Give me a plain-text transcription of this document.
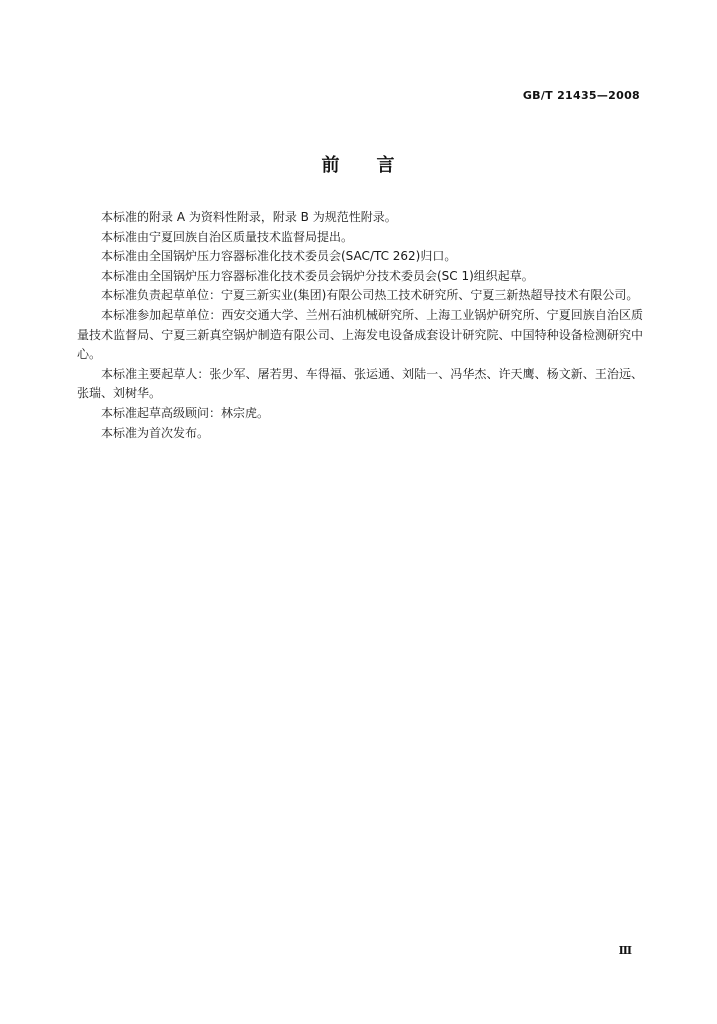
GB/T 21435—2008
前 言

本标准的附录 A 为资料性附录，附录 B 为规范性附录。

本标准由宁夏回族自治区质量技术监督局提出。

本标准由全国锅炉压力容器标准化技术委员会(SAC/TC 262)归口。

本标准由全国锅炉压力容器标准化技术委员会锅炉分技术委员会(SC 1)组织起草。

本标准负责起草单位：宁夏三新实业(集团)有限公司热工技术研究所、宁夏三新热超导技术有限公司。

本标准参加起草单位：西安交通大学、兰州石油机械研究所、上海工业锅炉研究所、宁夏回族自治区质量技术监督局、宁夏三新真空锅炉制造有限公司、上海发电设备成套设计研究院、中国特种设备检测研究中心。

本标准主要起草人：张少军、屠若男、车得福、张运通、刘陆一、冯华杰、许天鹰、杨文新、王治远、张瑞、刘树华。

本标准起草高级顾问：林宗虎。

本标准为首次发布。

Ⅲ
